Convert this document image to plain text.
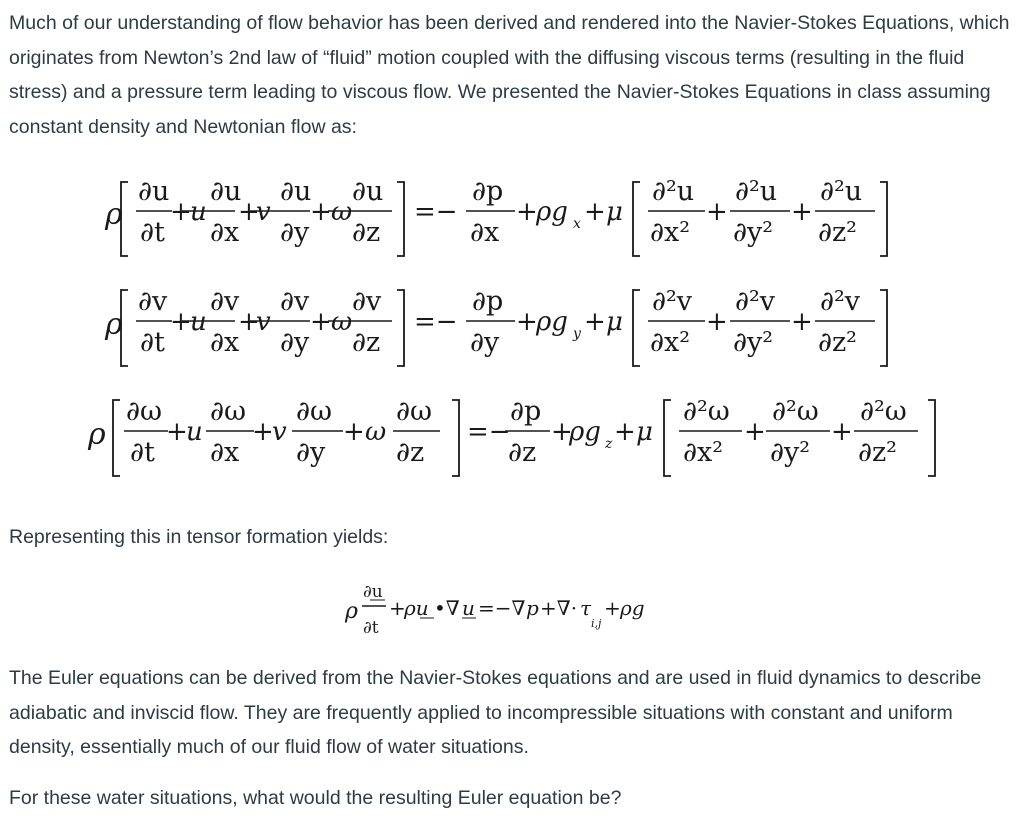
Much of our understanding of flow behavior has been derived and rendered into the Navier-Stokes Equations, which originates from Newton’s 2nd law of “fluid” motion coupled with the diffusing viscous terms (resulting in the fluid stress) and a pressure term leading to viscous flow. We presented the Navier-Stokes Equations in class assuming constant density and Newtonian flow as:

ρ
∂u
∂t
+
u
∂u
∂x
+
v
∂u
∂y
+ ω
∂u
∂z
=−
∂p
∂x
+
ρg x + μ
∂²u
∂x²
+
∂²u
∂y²
+
∂²u
∂z²
ρ
∂v
∂t
+
u
∂v
∂x
+
v
∂v
∂y
+ ω
∂v
∂z
=−
∂p
∂y
+
ρg y + μ
∂²v
∂x²
+
∂²v
∂y²
+
∂²v
∂z²
ρ
∂ω
∂t
+
u
∂ω
∂x
+
v
∂ω
∂y
+ ω
∂ω
∂z
=−
∂p
∂z
+
ρg z + μ
∂²ω
∂x²
+
∂²ω
∂y²
+
∂²ω
∂z²

Representing this in tensor formation yields:

ρ
∂u
∂t
+
ρu •∇ u =−∇ p +∇· τ
i,j
+ ρg

The Euler equations can be derived from the Navier-Stokes equations and are used in fluid dynamics to describe adiabatic and inviscid flow. They are frequently applied to incompressible situations with constant and uniform density, essentially much of our fluid flow of water situations.

For these water situations, what would the resulting Euler equation be?
